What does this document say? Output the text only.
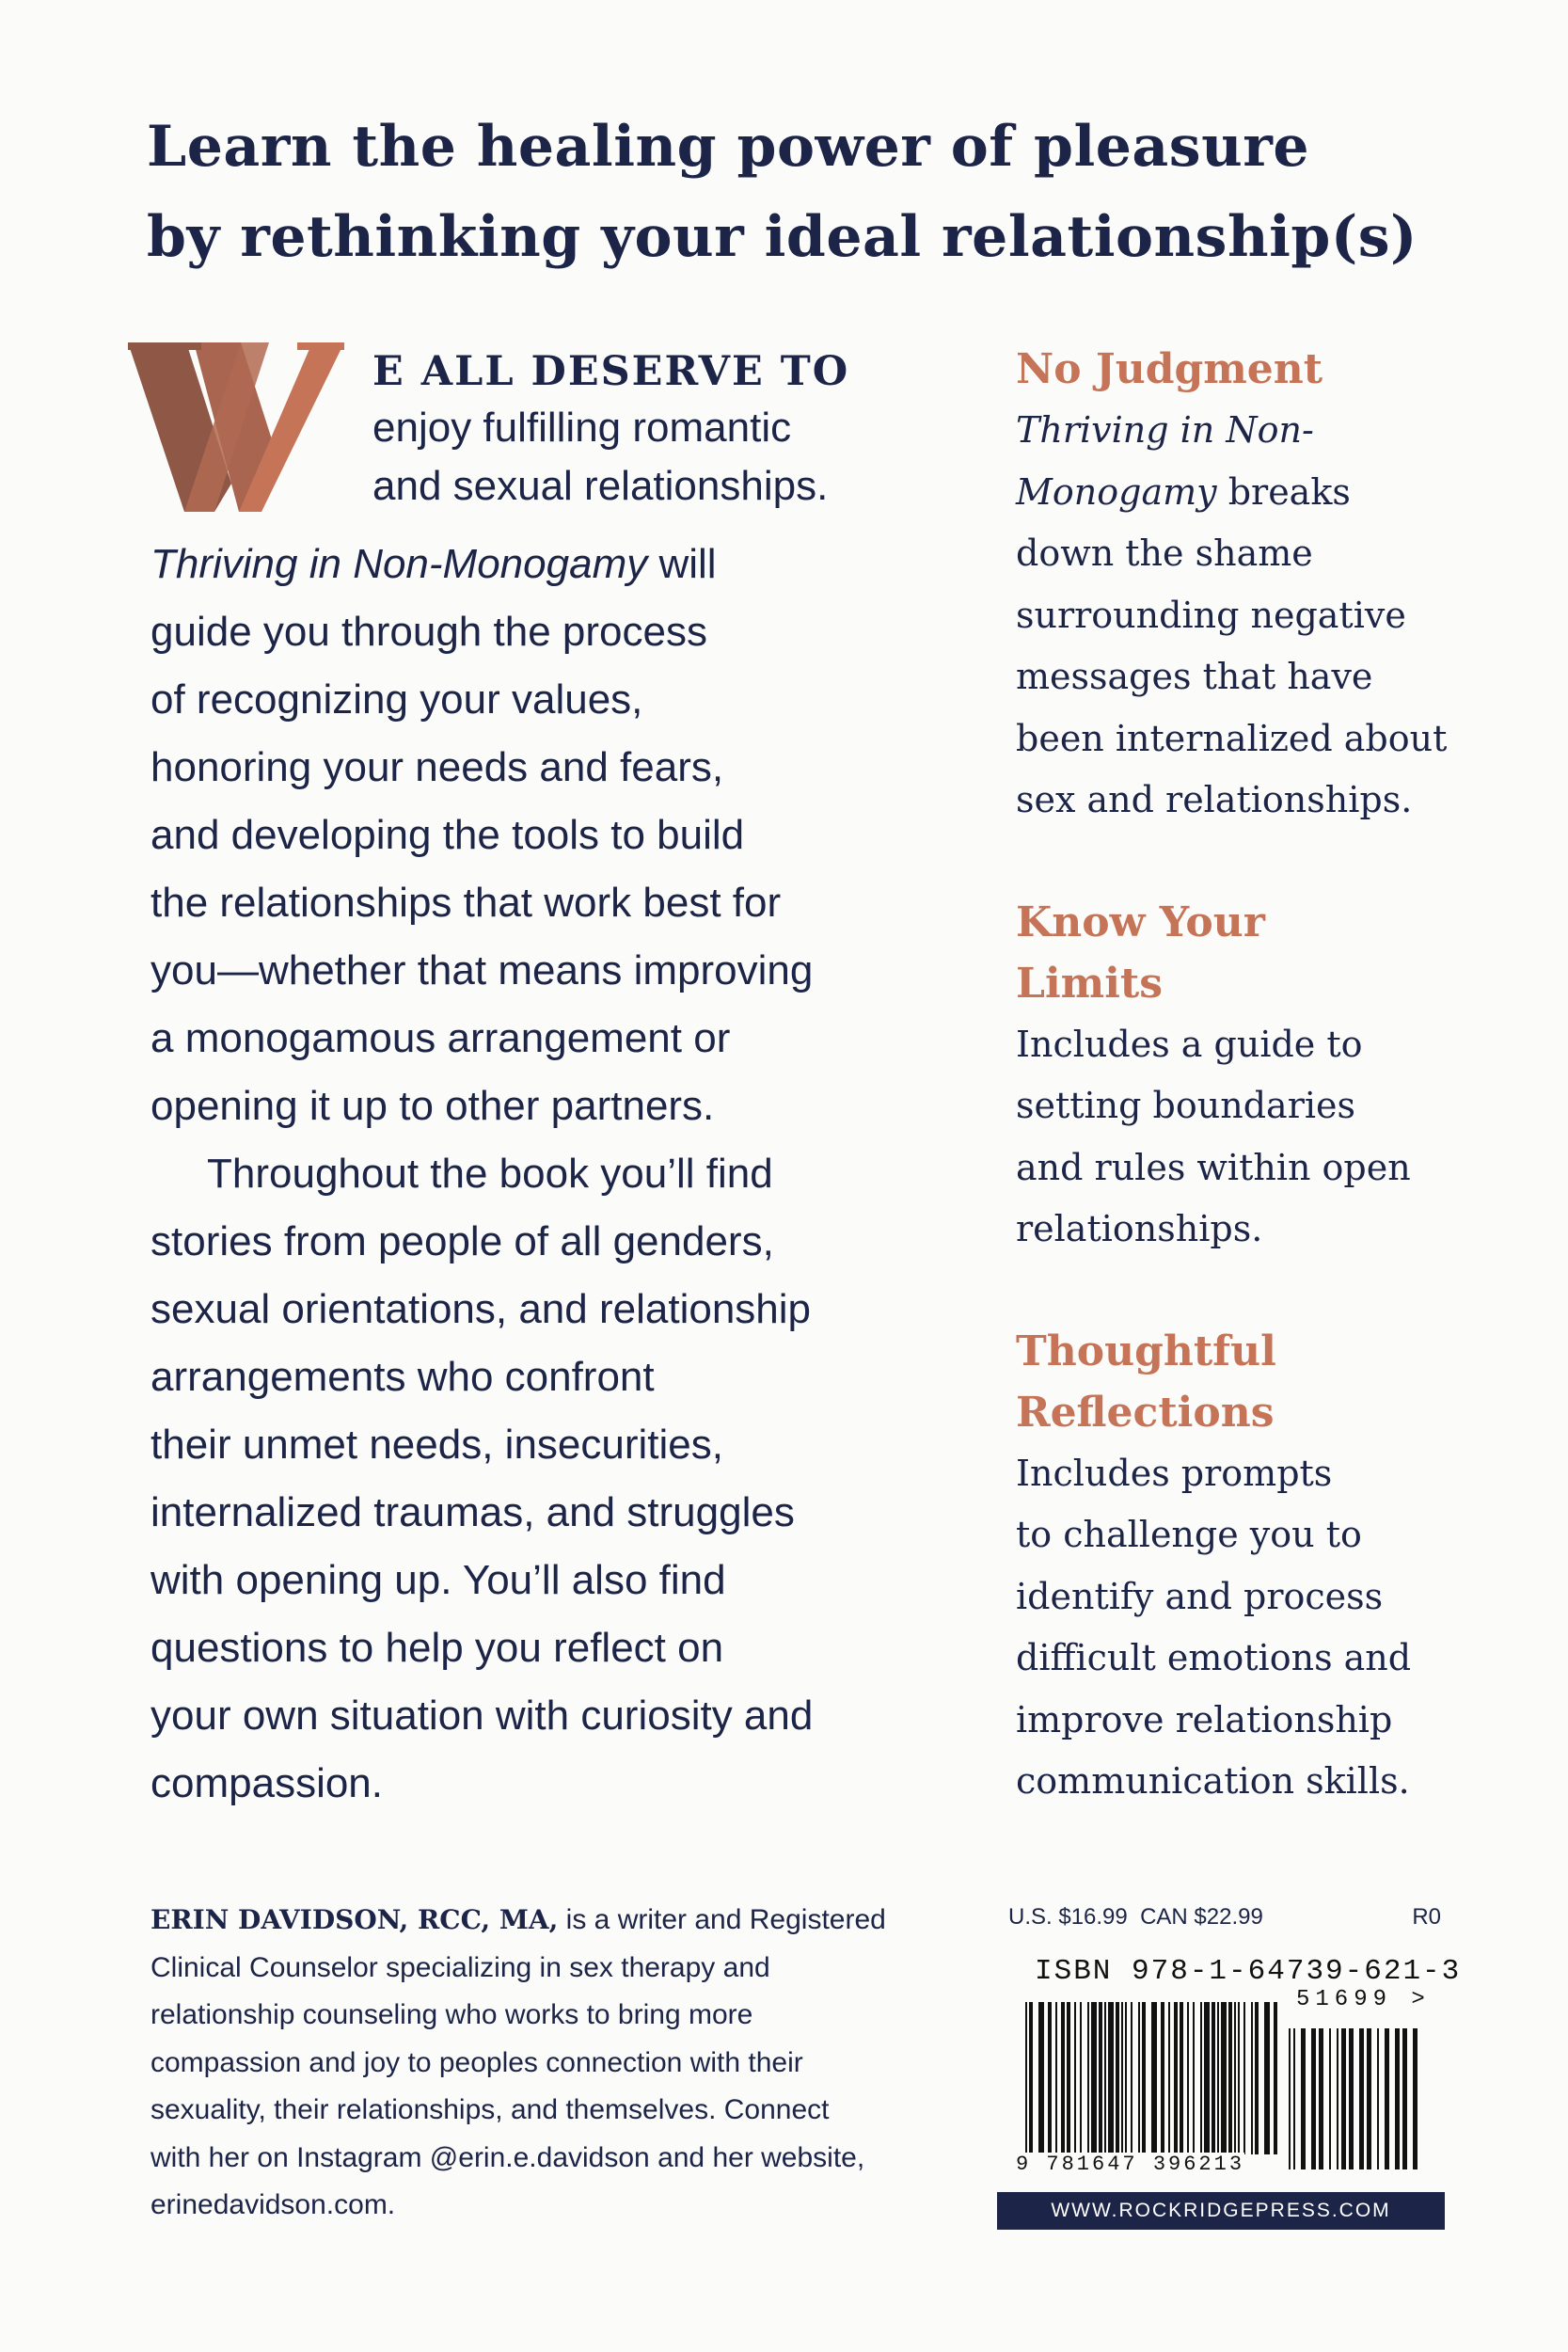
Learn the healing power of pleasure
by rethinking your ideal relationship(s)
E ALL DESERVE TO
enjoy fulfilling romantic
and sexual relationships.
Thriving in Non-Monogamy will
guide you through the process
of recognizing your values,
honoring your needs and fears,
and developing the tools to build
the relationships that work best for
you—whether that means improving
a monogamous arrangement or
opening it up to other partners.
Throughout the book you’ll find
stories from people of all genders,
sexual orientations, and relationship
arrangements who confront
their unmet needs, insecurities,
internalized traumas, and struggles
with opening up. You’ll also find
questions to help you reflect on
your own situation with curiosity and
compassion.
No Judgment
Thriving in Non-
Monogamy breaks
down the shame
surrounding negative
messages that have
been internalized about
sex and relationships.
Know Your
Limits
Includes a guide to
setting boundaries
and rules within open
relationships.
Thoughtful
Reflections
Includes prompts
to challenge you to
identify and process
difficult emotions and
improve relationship
communication skills.
ERIN DAVIDSON, RCC, MA, is a writer and Registered
Clinical Counselor specializing in sex therapy and
relationship counseling who works to bring more
compassion and joy to peoples connection with their
sexuality, their relationships, and themselves. Connect
with her on Instagram @erin.e.davidson and her website,
erinedavidson.com.
U.S. $16.99 CAN $22.99	R0
ISBN 978-1-64739-621-3
51699 >
9 781647 396213
WWW.ROCKRIDGEPRESS.COM
